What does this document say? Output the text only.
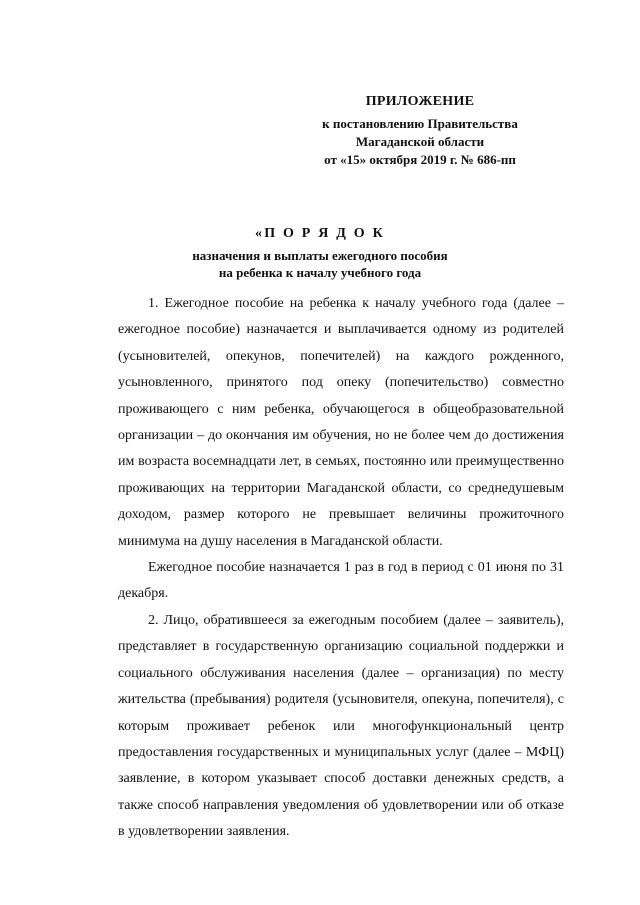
ПРИЛОЖЕНИЕ
к постановлению Правительства
Магаданской области
от «15» октября 2019 г. № 686-пп
«П О Р Я Д О К
назначения и выплаты ежегодного пособия
на ребенка к началу учебного года

1. Ежегодное пособие на ребенка к началу учебного года (далее – ежегодное пособие) назначается и выплачивается одному из родителей (усыновителей, опекунов, попечителей) на каждого рожденного, усыновленного, принятого под опеку (попечительство) совместно проживающего с ним ребенка, обучающегося в общеобразовательной организации – до окончания им обучения, но не более чем до достижения им возраста восемнадцати лет, в семьях, постоянно или преимущественно проживающих на территории Магаданской области, со среднедушевым доходом, размер которого не превышает величины прожиточного минимума на душу населения в Магаданской области.

Ежегодное пособие назначается 1 раз в год в период с 01 июня по 31 декабря.

2. Лицо, обратившееся за ежегодным пособием (далее – заявитель), представляет в государственную организацию социальной поддержки и социального обслуживания населения (далее – организация) по месту жительства (пребывания) родителя (усыновителя, опекуна, попечителя), с которым проживает ребенок или многофункциональный центр предоставления государственных и муниципальных услуг (далее – МФЦ) заявление, в котором указывает способ доставки денежных средств, а также способ направления уведомления об удовлетворении или об отказе в удовлетворении заявления.
